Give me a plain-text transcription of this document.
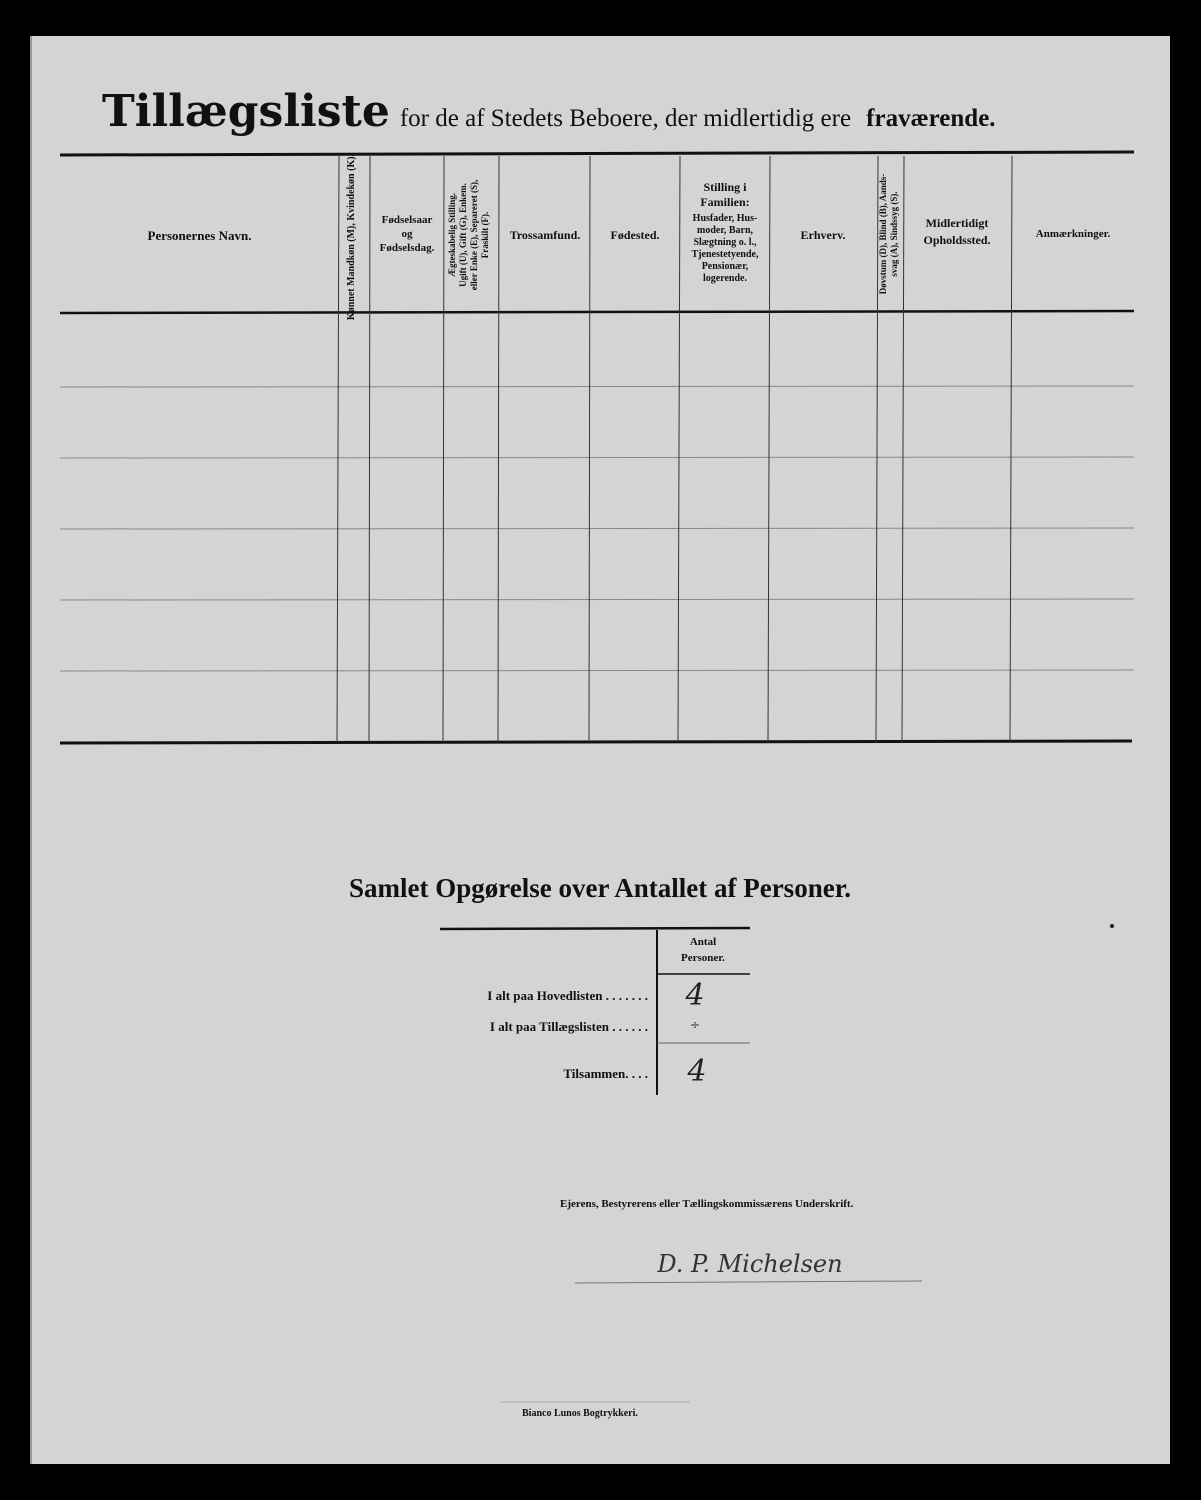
Tillægsliste for de af Stedets Beboere, der midlertidig ere fraværende.
Personernes Navn.	Kønnet Mandkøn (M), Kvindekøn (K).	Fødselsaar
og
Fødselsdag.	Ægteskabelig Stilling. Ugift (U), Gift (G), Enkem. eller Enke (E), Separeret (S), Fraskilt (F).	Trossamfund.	Fødested.
Stilling i
Familien:
Husfader, Hus-
moder, Barn,
Slægtning o. l.,
Tjenestetyende,
Pensionær,
logerende.
Erhverv.	Døvstum (D), Blind (B), Aands- svag (A), Sindssyg (S).	Midlertidigt
Opholdssted.	Anmærkninger.
Samlet Opgørelse over Antallet af Personer.
Antal
Personer.
I alt paa Hovedlisten . . . . . . .	4
I alt paa Tillægslisten . . . . . .	÷
Tilsammen. . . .	4
Ejerens, Bestyrerens eller Tællingskommissærens Underskrift.
D. P. Michelsen
Bianco Lunos Bogtrykkeri.
